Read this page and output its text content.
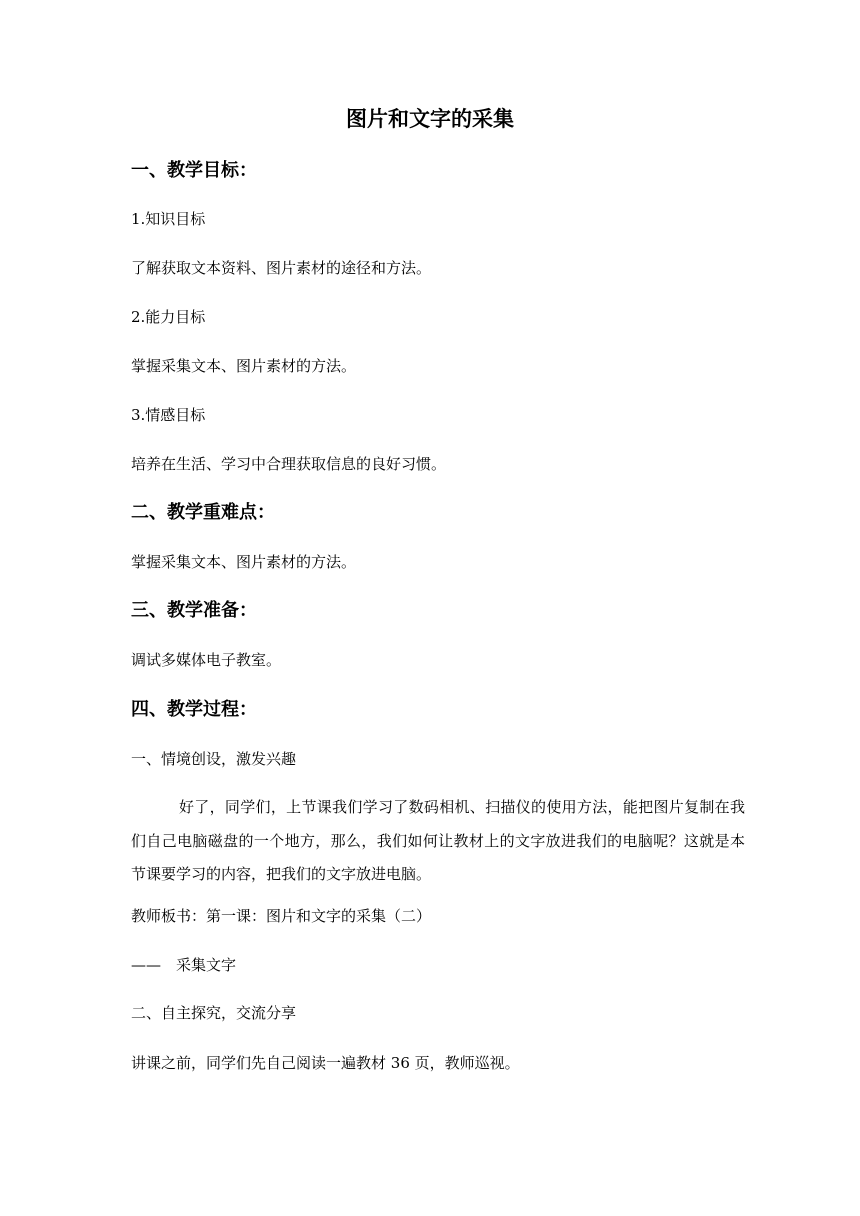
图片和文字的采集
一、教学目标：

1.知识目标

了解获取文本资料、图片素材的途径和方法。

2.能力目标

掌握采集文本、图片素材的方法。

3.情感目标

培养在生活、学习中合理获取信息的良好习惯。

二、教学重难点：

掌握采集文本、图片素材的方法。

三、教学准备：

调试多媒体电子教室。

四、教学过程：

一、情境创设，激发兴趣

好了，同学们，上节课我们学习了数码相机、扫描仪的使用方法，能把图片复制在我们自己电脑磁盘的一个地方，那么，我们如何让教材上的文字放进我们的电脑呢？这就是本节课要学习的内容，把我们的文字放进电脑。

教师板书：第一课：图片和文字的采集（二）

——　采集文字

二、自主探究，交流分享

讲课之前，同学们先自己阅读一遍教材 36 页，教师巡视。
